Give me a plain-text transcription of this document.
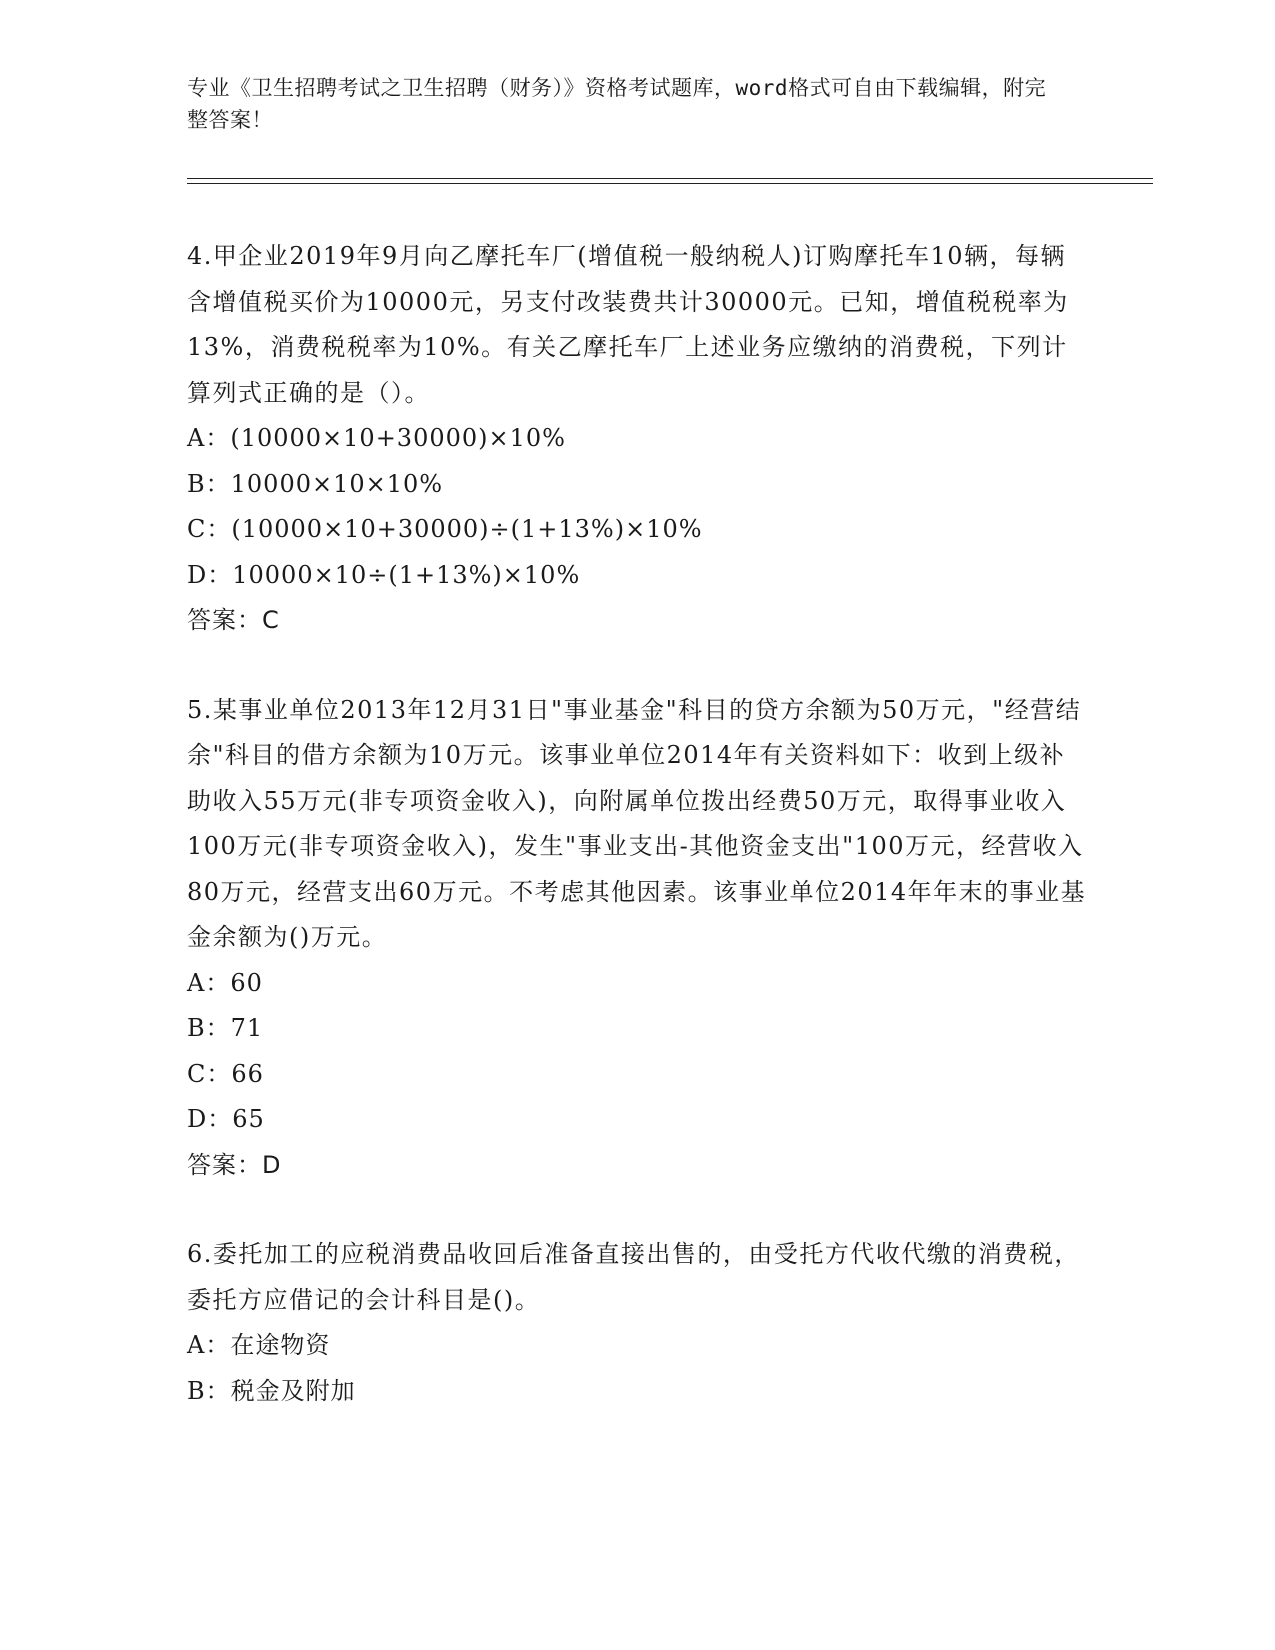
专业《卫生招聘考试之卫生招聘（财务）》资格考试题库，word格式可自由下载编辑，附完整答案！

4.甲企业2019年9月向乙摩托车厂(增值税一般纳税人)订购摩托车10辆，每辆含增值税买价为10000元，另支付改装费共计30000元。已知，增值税税率为13%，消费税税率为10%。有关乙摩托车厂上述业务应缴纳的消费税，下列计算列式正确的是（）。

A：(10000×10+30000)×10%

B：10000×10×10%

C：(10000×10+30000)÷(1+13%)×10%

D：10000×10÷(1+13%)×10%

答案：C

5.某事业单位2013年12月31日"事业基金"科目的贷方余额为50万元，"经营结余"科目的借方余额为10万元。该事业单位2014年有关资料如下：收到上级补助收入55万元(非专项资金收入)，向附属单位拨出经费50万元，取得事业收入100万元(非专项资金收入)，发生"事业支出-其他资金支出"100万元，经营收入80万元，经营支出60万元。不考虑其他因素。该事业单位2014年年末的事业基金余额为()万元。

A：60

B：71

C：66

D：65

答案：D

6.委托加工的应税消费品收回后准备直接出售的，由受托方代收代缴的消费税，委托方应借记的会计科目是()。

A：在途物资

B：税金及附加
